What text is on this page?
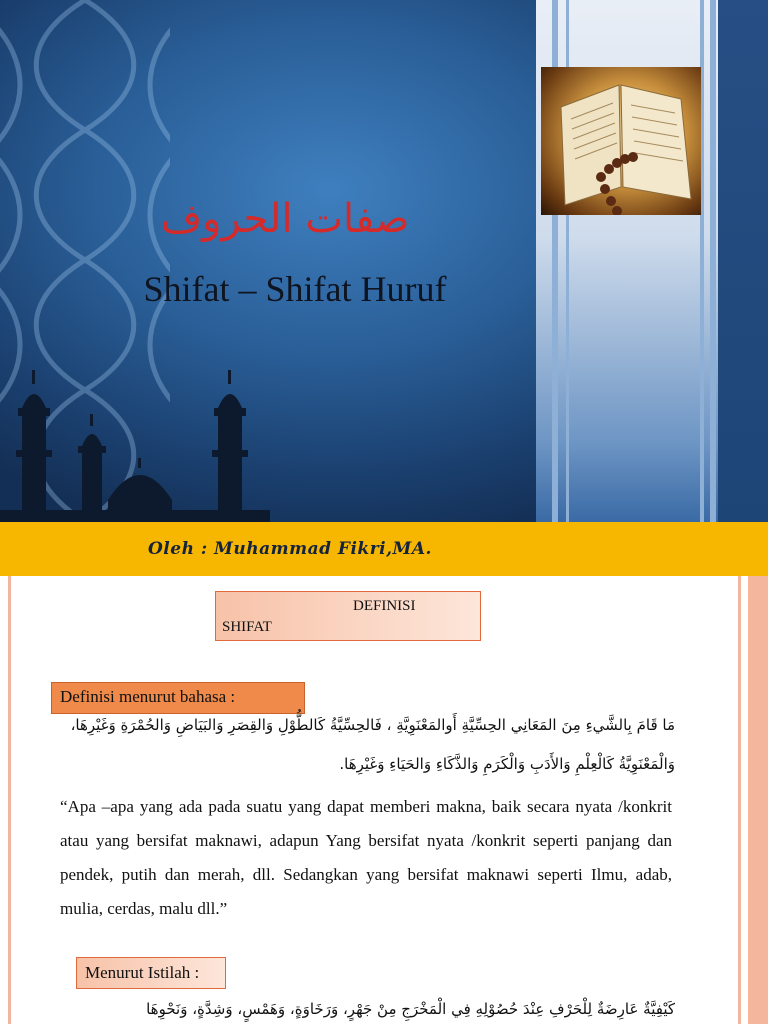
صفات الحروف
Shifat – Shifat Huruf
Oleh : Muhammad Fikri,MA.
DEFINISI
SHIFAT
Definisi menurut bahasa :
مَا قَامَ بِالشَّيءِ مِنَ المَعَانِي الحِسِّيَّةِ أَوالمَعْنَوِيَّةِ ، فَالحِسِّيَّةُ كَالطُّوْلِ وَالقِصَرِ وَالبَيَاضِ وَالحُمْرَةِ وَغَيْرِهَا،
وَالْمَعْنَوِيَّةُ كَالْعِلْمِ وَالأَدَبِ وَالْكَرَمِ وَالذَّكَاءِ وَالحَيَاءِ وَغَيْرِهَا.
“Apa –apa yang ada pada suatu yang dapat memberi makna, baik secara nyata /konkrit atau yang bersifat maknawi, adapun Yang bersifat nyata /konkrit seperti panjang dan pendek, putih dan merah, dll. Sedangkan yang bersifat maknawi seperti Ilmu, adab, mulia, cerdas, malu dll.”
Menurut Istilah :
كَيْفِيَّةٌ عَارِضَةٌ لِلْحَرْفِ عِنْدَ حُصُوْلِهِ فِي الْمَخْرَجِ مِنْ جَهْرٍ، وَرَخَاوَةٍ، وَهَمْسٍ، وَشِدَّةٍ، وَنَحْوِهَا
